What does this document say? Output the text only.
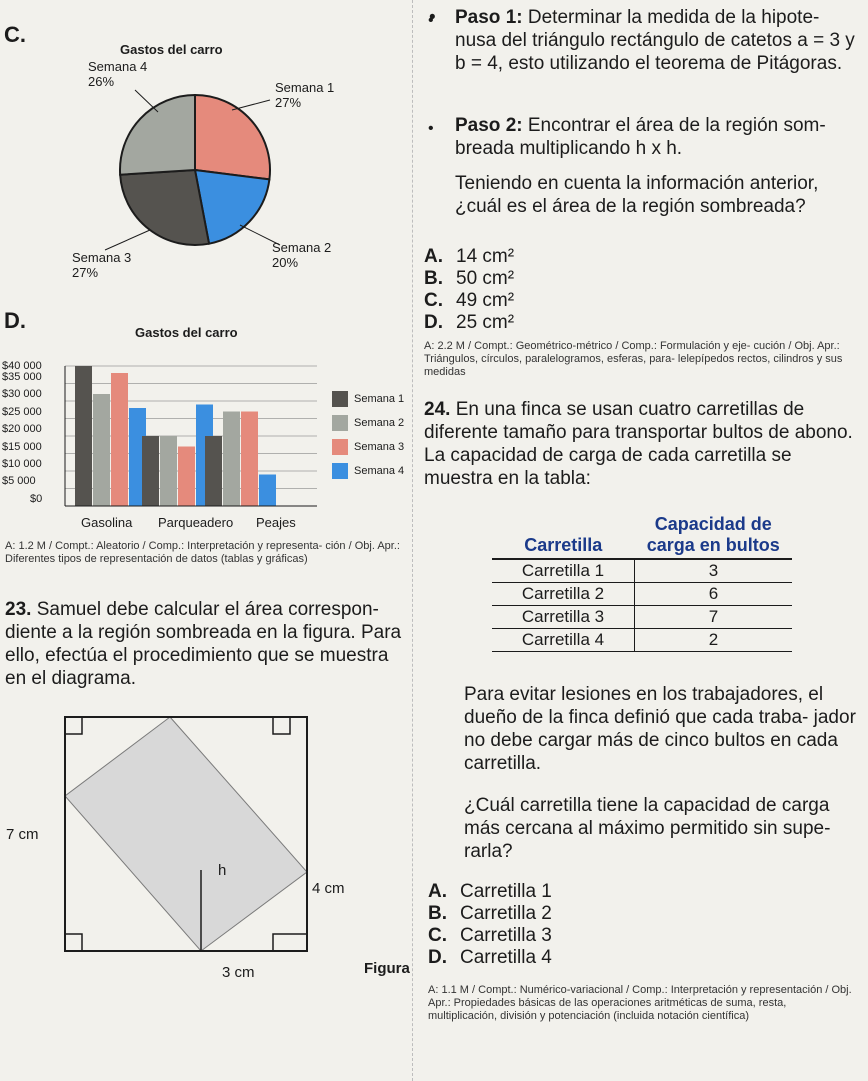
C.
Gastos del carro
Semana 4
26%	Semana 1
27%
Semana 3
27%
Semana 2
20%
D.	Gastos del carro
$40 000
$35 000
$30 000
$25 000
$20 000
$15 000
$10 000
$5 000
$0
Gasolina Parqueadero Peajes
Semana 1
Semana 2
Semana 3
Semana 4
A: 1.2 M / Compt.: Aleatorio / Comp.: Interpretación y representa- ción / Obj. Apr.: Diferentes tipos de representación de datos (tablas y gráficas)
23. Samuel debe calcular el área correspon- diente a la región sombreada en la figura. Para ello, efectúa el procedimiento que se muestra en el diagrama.
7 cm
h
4 cm
3 cm	Figura
Paso 1: Determinar la medida de la hipote- nusa del triángulo rectángulo de catetos a = 3 y b = 4, esto utilizando el teorema de Pitágoras.
Paso 2: Encontrar el área de la región som- breada multiplicando h x h.
•
•
Teniendo en cuenta la información anterior, ¿cuál es el área de la región sombreada?
A. 14 cm²
B. 50 cm²
C. 49 cm²
D. 25 cm²
A: 2.2 M / Compt.: Geométrico-métrico / Comp.: Formulación y eje- cución / Obj. Apr.: Triángulos, círculos, paralelogramos, esferas, para- lelepípedos rectos, cilindros y sus medidas
24. En una finca se usan cuatro carretillas de diferente tamaño para transportar bultos de abono. La capacidad de carga de cada carretilla se muestra en la tabla:
Carretilla	Capacidad de carga en bultos
Carretilla 1	3
Carretilla 2	6
Carretilla 3	7
Carretilla 4	2
Para evitar lesiones en los trabajadores, el dueño de la finca definió que cada traba- jador no debe cargar más de cinco bultos en cada carretilla.
¿Cuál carretilla tiene la capacidad de carga más cercana al máximo permitido sin supe- rarla?
A. Carretilla 1
B. Carretilla 2
C. Carretilla 3
D. Carretilla 4
A: 1.1 M / Compt.: Numérico-variacional / Comp.: Interpretación y representación / Obj. Apr.: Propiedades básicas de las operaciones aritméticas de suma, resta, multiplicación, división y potenciación (incluida notación científica)
